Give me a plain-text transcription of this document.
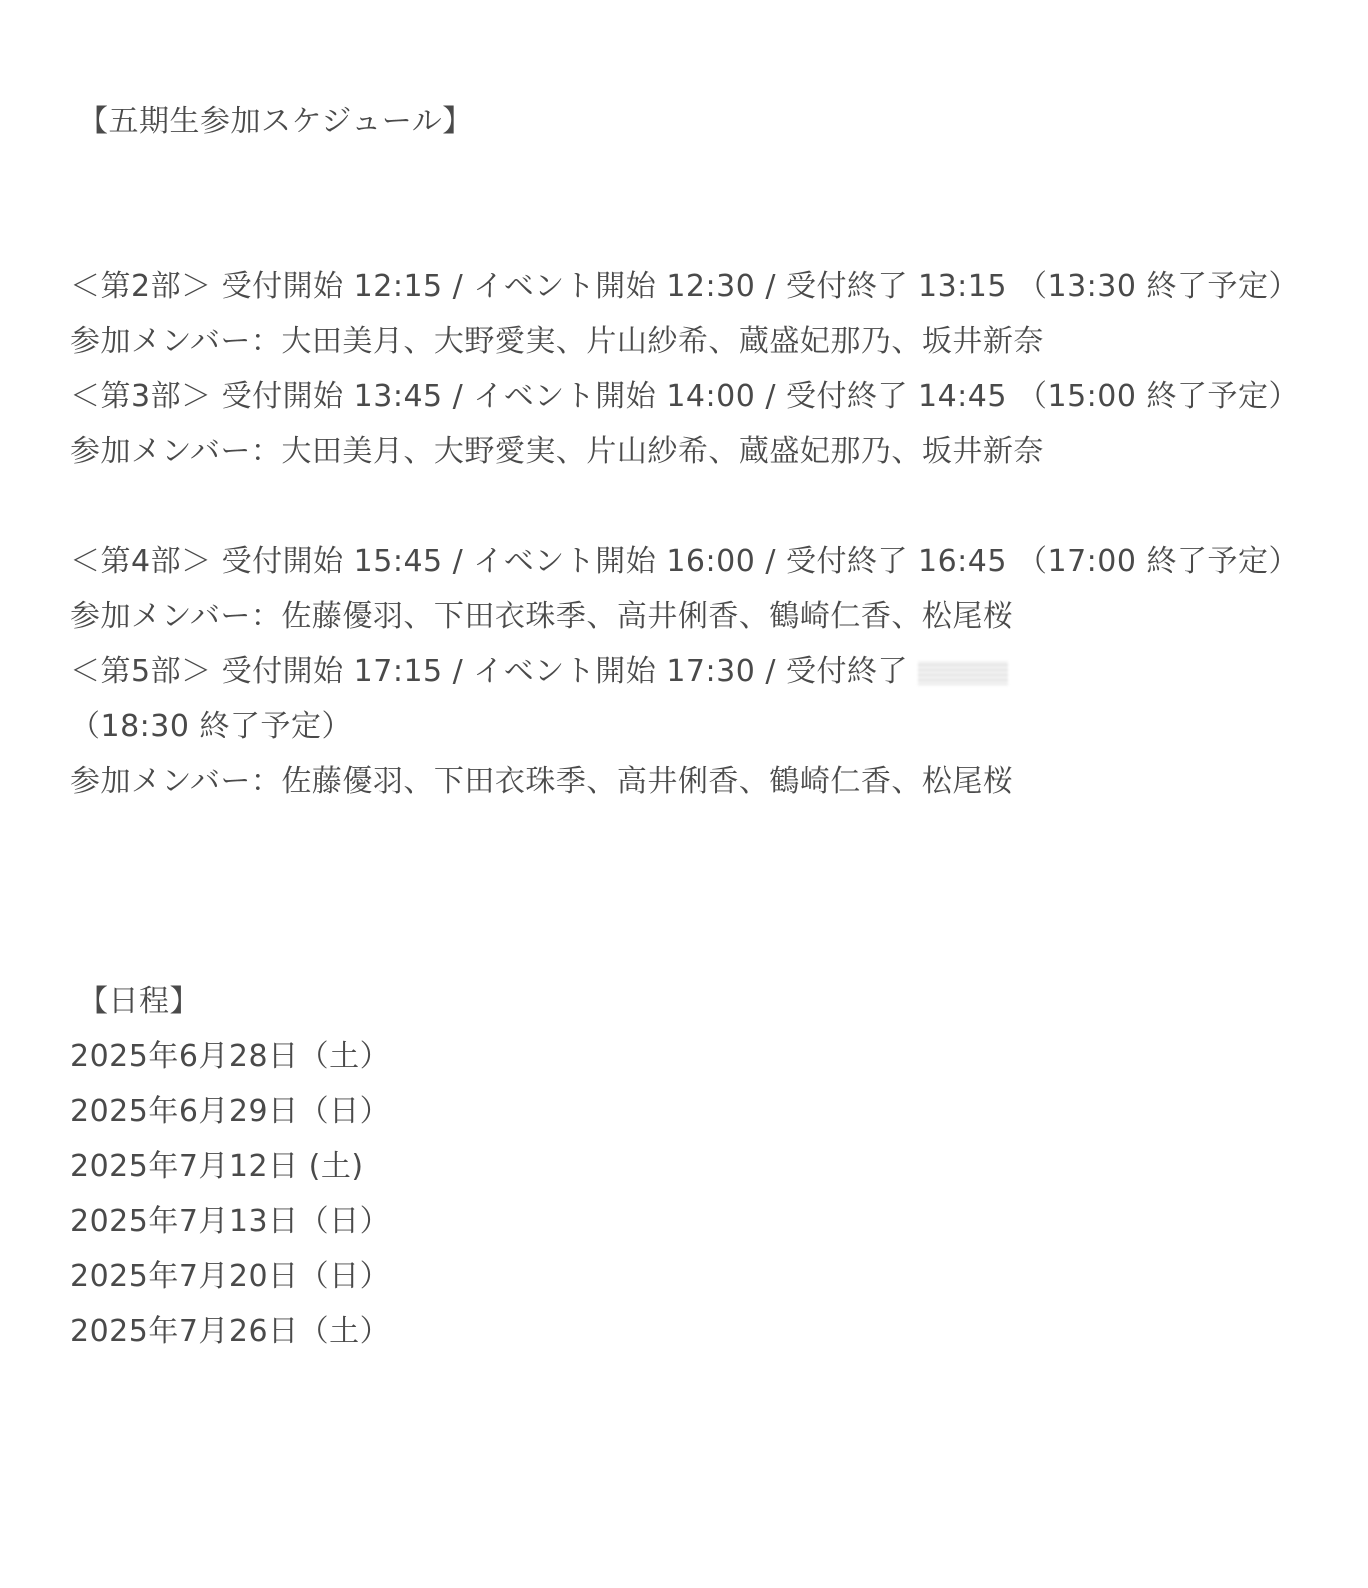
【五期生参加スケジュール】

＜第2部＞ 受付開始 12:15 / イベント開始 12:30 / 受付終了 13:15 （13:30 終了予定）

参加メンバー：大田美月、大野愛実、片山紗希、蔵盛妃那乃、坂井新奈

＜第3部＞ 受付開始 13:45 / イベント開始 14:00 / 受付終了 14:45 （15:00 終了予定）

参加メンバー：大田美月、大野愛実、片山紗希、蔵盛妃那乃、坂井新奈

＜第4部＞ 受付開始 15:45 / イベント開始 16:00 / 受付終了 16:45 （17:00 終了予定）

参加メンバー：佐藤優羽、下田衣珠季、高井俐香、鶴崎仁香、松尾桜

＜第5部＞ 受付開始 17:15 / イベント開始 17:30 / 受付終了  （18:30 終了予定）

参加メンバー：佐藤優羽、下田衣珠季、高井俐香、鶴崎仁香、松尾桜

【日程】

2025年6月28日（土）
2025年6月29日（日）
2025年7月12日 (土)
2025年7月13日（日）
2025年7月20日（日）
2025年7月26日（土）
